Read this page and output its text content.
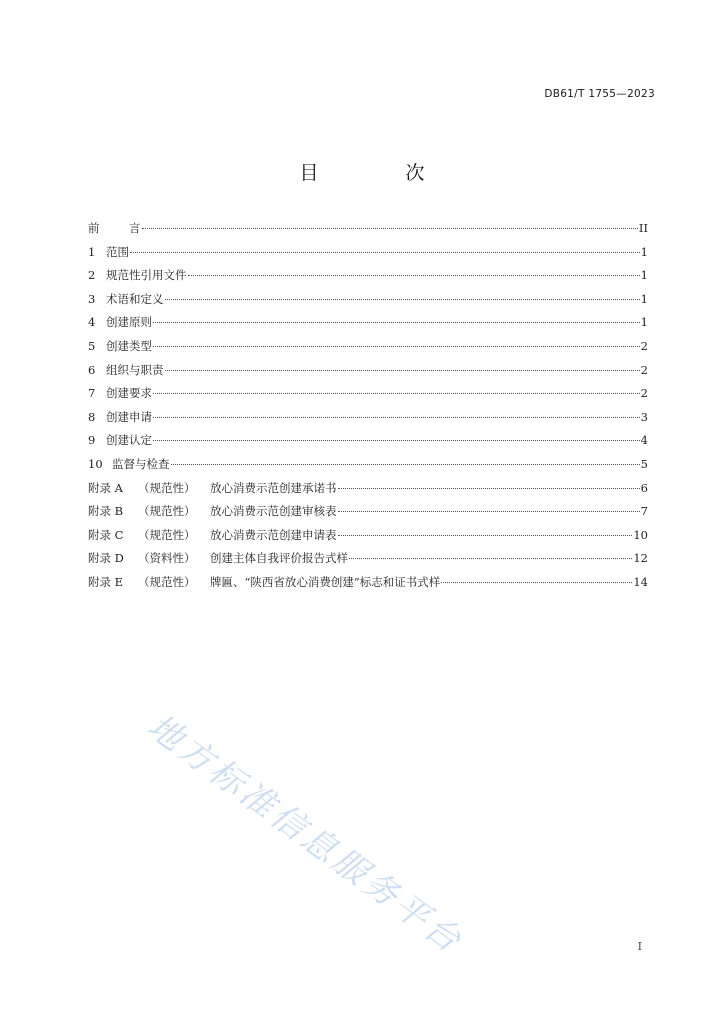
DB61/T 1755—2023
目　次
前 　　言	II
1 范围	1
2 规范性引用文件	1
3 术语和定义	1
4 创建原则	1
5 创建类型	2
6 组织与职责	2
7 创建要求	2
8 创建申请	3
9 创建认定	4
10 监督与检查	5
附录 A	（规范性）	放心消费示范创建承诺书	6
附录 B	（规范性）	放心消费示范创建审核表	7
附录 C	（规范性）	放心消费示范创建申请表	10
附录 D	（资料性）	创建主体自我评价报告式样	12
附录 E	（规范性）	牌匾、“陕西省放心消费创建”标志和证书式样	14
地方标准信息服务平台	I
